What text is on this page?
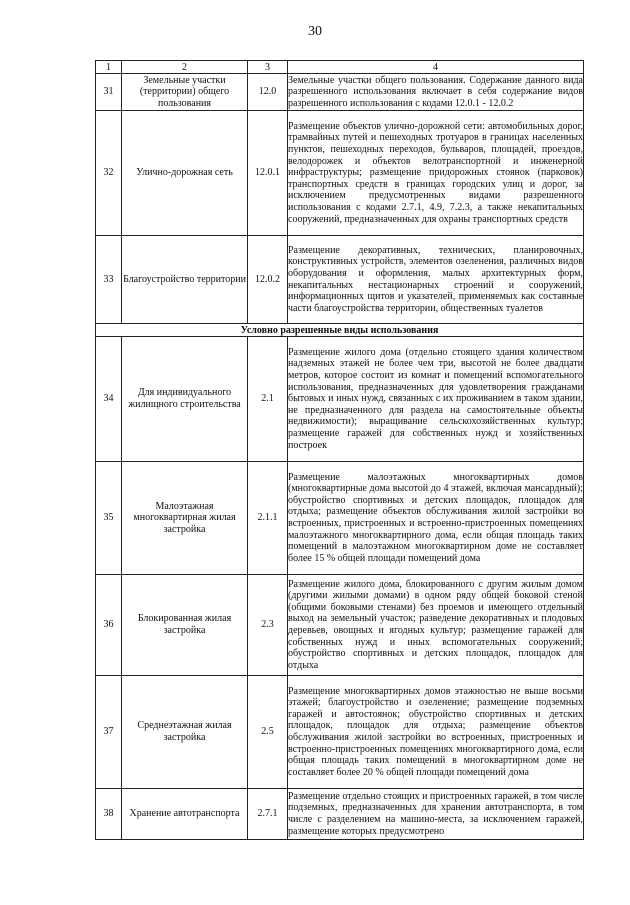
30
1	2	3	4
31	Земельные участки (территории) общего пользования	12.0	Земельные участки общего пользования. Содержание данного вида разрешенного использования включает в себя содержание видов разрешенного использования с кодами 12.0.1 - 12.0.2
32	Улично-дорожная сеть	12.0.1	Размещение объектов улично-дорожной сети: автомобильных дорог, трамвайных путей и пешеходных тротуаров в границах населенных пунктов, пешеходных переходов, бульваров, площадей, проездов, велодорожек и объектов велотранспортной и инженерной инфраструктуры; размещение придорожных стоянок (парковок) транспортных средств в границах городских улиц и дорог, за исключением предусмотренных видами разрешенного использования с кодами 2.7.1, 4.9, 7.2.3, а также некапитальных сооружений, предназначенных для охраны транспортных средств
33	Благоустройство территории	12.0.2	Размещение декоративных, технических, планировочных, конструктивных устройств, элементов озеленения, различных видов оборудования и оформления, малых архитектурных форм, некапитальных нестационарных строений и сооружений, информационных щитов и указателей, применяемых как составные части благоустройства территории, общественных туалетов
Условно разрешенные виды использования			
34	Для индивидуального жилищного строительства	2.1	Размещение жилого дома (отдельно стоящего здания количеством надземных этажей не более чем три, высотой не более двадцати метров, которое состоит из комнат и помещений вспомогательного использования, предназначенных для удовлетворения гражданами бытовых и иных нужд, связанных с их проживанием в таком здании, не предназначенного для раздела на самостоятельные объекты недвижимости); выращивание сельскохозяйственных культур; размещение гаражей для собственных нужд и хозяйственных построек
35	Малоэтажная многоквартирная жилая застройка	2.1.1	Размещение малоэтажных многоквартирных домов (многоквартирные дома высотой до 4 этажей, включая мансардный); обустройство спортивных и детских площадок, площадок для отдыха; размещение объектов обслуживания жилой застройки во встроенных, пристроенных и встроенно-пристроенных помещениях малоэтажного многоквартирного дома, если общая площадь таких помещений в малоэтажном многоквартирном доме не составляет более 15 % общей площади помещений дома
36	Блокированная жилая застройка	2.3	Размещение жилого дома, блокированного с другим жилым домом (другими жилыми домами) в одном ряду общей боковой стеной (общими боковыми стенами) без проемов и имеющего отдельный выход на земельный участок; разведение декоративных и плодовых деревьев, овощных и ягодных культур; размещение гаражей для собственных нужд и иных вспомогательных сооружений; обустройство спортивных и детских площадок, площадок для отдыха
37	Среднеэтажная жилая застройка	2.5	Размещение многоквартирных домов этажностью не выше восьми этажей; благоустройство и озеленение; размещение подземных гаражей и автостоянок; обустройство спортивных и детских площадок, площадок для отдыха; размещение объектов обслуживания жилой застройки во встроенных, пристроенных и встроенно-пристроенных помещениях многоквартирного дома, если общая площадь таких помещений в многоквартирном доме не составляет более 20 % общей площади помещений дома
38	Хранение автотранспорта	2.7.1	Размещение отдельно стоящих и пристроенных гаражей, в том числе подземных, предназначенных для хранения автотранспорта, в том числе с разделением на машино-места, за исключением гаражей, размещение которых предусмотрено
